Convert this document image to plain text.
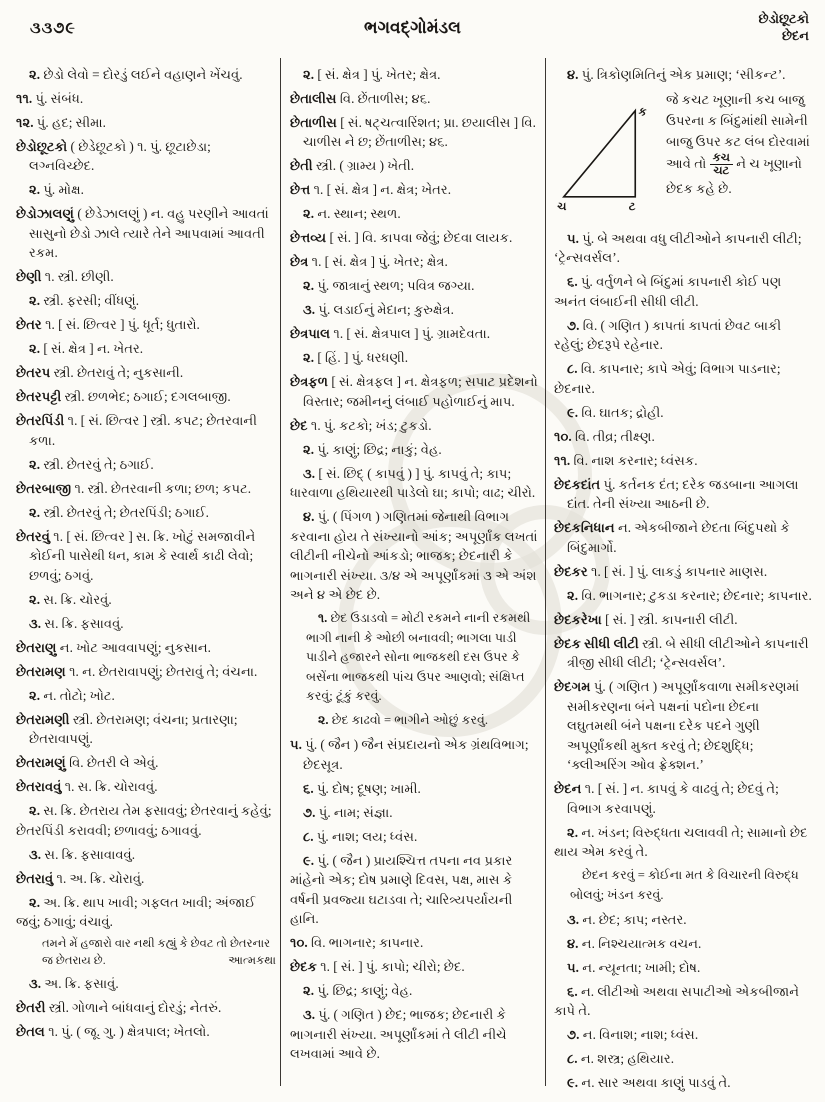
૩૩૭૯	ભગવદ્ગોમંડલ	છેડોછૂટકો
છેદન
૨. છેડો લેવો = દોરડું લઈને વહાણને ખેંચવું.
૧૧. પું. સંબંધ.
૧૨. પું. હદ; સીમા.
છેડોછૂટકો ( છેડેછૂટકો ) ૧. પું. છૂટાછેડા; લગ્નવિચ્છેદ.
૨. પું. મોક્ષ.
છેડોઝાલણું ( છેડેઝાલણું ) ન. વહુ પરણીને આવતાં સાસુનો છેડો ઝાલે ત્યારે તેને આપવામાં આવતી રકમ.
છેણી ૧. સ્ત્રી. છીણી.
૨. સ્ત્રી. ફરસી; વીંધણું.
છેતર ૧. [ સં. છિત્વર ] પું. ધૂર્ત; ધુતારો.
૨. [ સં. ક્ષેત્ર ] ન. ખેતર.
છેતરપ સ્ત્રી. છેતરાવું તે; નુકસાની.
છેતરપટ્ટી સ્ત્રી. છળભેદ; ઠગાઈ; દગલબાજી.
છેતરપિંડી ૧. [ સં. છિત્વર ] સ્ત્રી. કપટ; છેતરવાની કળા.
૨. સ્ત્રી. છેતરવું તે; ઠગાઈ.
છેતરબાજી ૧. સ્ત્રી. છેતરવાની કળા; છળ; કપટ.
૨. સ્ત્રી. છેતરવું તે; છેતરપિંડી; ઠગાઈ.
છેતરવું ૧. [ સં. છિત્વર ] સ. ક્રિ. ખોટું સમજાવીને કોઈની પાસેથી ધન, કામ કે સ્વાર્થ કાઢી લેવો; છળવું; ઠગવું.
૨. સ. ક્રિ. ચોરવું.
૩. સ. ક્રિ. ફસાવવું.
છેતરાણુ ન. ખોટ આવવાપણું; નુકસાન.
છેતરામણ ૧. ન. છેતરાવાપણું; છેતરાવું તે; વંચના.
૨. ન. તોટો; ખોટ.
છેતરામણી સ્ત્રી. છેતરામણ; વંચના; પ્રતારણા; છેતરાવાપણું.
છેતરામણું વિ. છેતરી લે એવું.
છેતરાવવું ૧. સ. ક્રિ. ચોરાવવું.
૨. સ. ક્રિ. છેતરાય તેમ ફસાવવું; છેતરવાનું કહેવું; છેતરપિંડી કરાવવી; છળાવવું; ઠગાવવું.
૩. સ. ક્રિ. ફસાવાવવું.
છેતરાવું ૧. અ. ક્રિ. ચોરાવું.
૨. અ. ક્રિ. થાપ ખાવી; ગફલત ખાવી; અંજાઈ જવું; ઠગાવું; વંચાવું.
તમને મેં હજારો વાર નથી કહ્યું કે છેવટ તો છેતરનાર જ છેતરાય છે.	આત્મકથા
૩. અ. ક્રિ. ફસાવું.
છેતરી સ્ત્રી. ગોળાને બાંધવાનું દોરડું; નેતરું.
છેતલ ૧. પું. ( જૂ. ગુ. ) ક્ષેત્રપાલ; ખેતલો.
૨. [ સં. ક્ષેત્ર ] પું. ખેતર; ક્ષેત્ર.
છેતાલીસ વિ. છેંતાળીસ; ૪૬.
છેતાળીસ [ સં. ષટ્ચત્વારિંશત; પ્રા. છયાલીસ ] વિ. ચાળીસ ને છ; છેંતાળીસ; ૪૬.
છેતી સ્ત્રી. ( ગ્રામ્ય ) ખેતી.
છેત્ત ૧. [ સં. ક્ષેત્ર ] ન. ક્ષેત્ર; ખેતર.
૨. ન. સ્થાન; સ્થળ.
છેત્તવ્ય [ સં. ] વિ. કાપવા જેવું; છેદવા લાયક.
છેત્ર ૧. [ સં. ક્ષેત્ર ] પું. ખેતર; ક્ષેત્ર.
૨. પું. જાત્રાનું સ્થળ; પવિત્ર જગ્યા.
૩. પું. લડાઈનું મેદાન; કુરુક્ષેત્ર.
છેત્રપાલ ૧. [ સં. ક્ષેત્રપાલ ] પું. ગ્રામદેવતા.
૨. [ હિં. ] પું. ધરધણી.
છેત્રફળ [ સં. ક્ષેત્રફલ ] ન. ક્ષેત્રફળ; સપાટ પ્રદેશનો વિસ્તાર; જમીનનું લંબાઈ પહોળાઈનું માપ.
છેદ ૧. પું. કટકો; ખંડ; ટુકડો.
૨. પું. કાણું; છિદ્ર; નાકું; વેહ.
૩. [ સં. છિદ્ ( કાપવું ) ] પું. કાપવું તે; કાપ; ધારવાળા હથિયારથી પાડેલો ઘા; કાપો; વાઢ; ચીરો.
૪. પું. ( પિંગળ ) ગણિતમાં જેનાથી વિભાગ કરવાના હોય તે સંખ્યાનો આંક; અપૂર્ણાંક લખતાં લીટીની નીચેનો આંકડો; ભાજક; છેદનારી કે ભાગનારી સંખ્યા. ૩/૪ એ અપૂર્ણાંકમાં ૩ એ અંશ અને ૪ એ છેદ છે.
૧. છેદ ઉડાડવો = મોટી રકમને નાની રકમથી ભાગી નાની કે ઓછી બનાવવી; ભાગલા પાડી પાડીને હજારને સોના ભાજકથી દસ ઉપર કે બસેંના ભાજકથી પાંચ ઉપર આણવો; સંક્ષિપ્ત કરવું; ટૂંકું કરવું.
૨. છેદ કાઢવો = ભાગીને ઓછું કરવું.
૫. પું. ( જૈન ) જૈન સંપ્રદાયનો એક ગ્રંથવિભાગ; છેદસૂત્ર.
૬. પું. દોષ; દૂષણ; ખામી.
૭. પું. નામ; સંજ્ઞા.
૮. પું. નાશ; લય; ધ્વંસ.
૯. પું. ( જૈન ) પ્રાયશ્ચિત્ત તપના નવ પ્રકાર માંહેનો એક; દોષ પ્રમાણે દિવસ, પક્ષ, માસ કે વર્ષની પ્રવજ્યા ઘટાડવા તે; ચારિત્ર્યપર્યાયની હાનિ.
૧૦. વિ. ભાગનાર; કાપનાર.
છેદક ૧. [ સં. ] પું. કાપો; ચીરો; છેદ.
૨. પું. છિદ્ર; કાણું; વેહ.
૩. પું. ( ગણિત ) છેદ; ભાજક; છેદનારી કે ભાગનારી સંખ્યા. અપૂર્ણાંકમાં તે લીટી નીચે લખવામાં આવે છે.
૪. પું. ત્રિકોણમિતિનું એક પ્રમાણ; ‘સીકન્ટ’.
ક
ચ	ટ
જે કચટ ખૂણાની કચ બાજુ ઉપરના ક બિંદુમાંથી સામેની બાજુ ઉપર કટ લંબ દોરવામાં આવે તો $\frac{\text{કચ}}{\text{ચટ}}$ ને ચ ખૂણાનો છેદક કહે છે.
૫. પું. બે અથવા વધુ લીટીઓને કાપનારી લીટી; ‘ટ્રેન્સવર્સલ’.
૬. પું. વર્તુળને બે બિંદુમાં કાપનારી કોઈ પણ અનંત લંબાઈની સીધી લીટી.
૭. વિ. ( ગણિત ) કાપતાં કાપતાં છેવટ બાકી રહેલું; છેદરૂપે રહેનાર.
૮. વિ. કાપનાર; કાપે એવું; વિભાગ પાડનાર; છેદનાર.
૯. વિ. ઘાતક; દ્રોહી.
૧૦. વિ. તીવ્ર; તીક્ષ્ણ.
૧૧. વિ. નાશ કરનાર; ધ્વંસક.
છેદકદાંત પું. કર્તનક દંત; દરેક જડબાના આગલા દાંત. તેની સંખ્યા આઠની છે.
છેદકનિધાન ન. એકબીજાને છેદતા બિંદુપથો કે બિંદુમાર્ગો.
છેદકર ૧. [ સં. ] પું. લાકડું કાપનાર માણસ.
૨. વિ. ભાગનાર; ટુકડા કરનાર; છેદનાર; કાપનાર.
છેદકરેખા [ સં. ] સ્ત્રી. કાપનારી લીટી.
છેદક સીધી લીટી સ્ત્રી. બે સીધી લીટીઓને કાપનારી ત્રીજી સીધી લીટી; ‘ટ્રેન્સવર્સલ’.
છેદગમ પું. ( ગણિત ) અપૂર્ણાંકવાળા સમીકરણમાં સમીકરણના બંને પક્ષનાં પદોના છેદના લઘુતમથી બંને પક્ષના દરેક પદને ગુણી અપૂર્ણાંકથી મુક્ત કરવું તે; છેદશુદ્ધિ; ‘ક્લીઅરિંગ ઓવ ફ્રેક્શન.’
છેદન ૧. [ સં. ] ન. કાપવું કે વાઢવું તે; છેદવું તે; વિભાગ કરવાપણું.
૨. ન. ખંડન; વિરુદ્ધતા ચલાવવી તે; સામાનો છેદ થાય એમ કરવું તે.
છેદન કરવું = કોઈના મત કે વિચારની વિરુદ્ધ બોલવું; ખંડન કરવું.
૩. ન. છેદ; કાપ; નસ્તર.
૪. ન. નિશ્ચયાત્મક વચન.
૫. ન. ન્યૂનતા; ખામી; દોષ.
૬. ન. લીટીઓ અથવા સપાટીઓ એકબીજાને કાપે તે.
૭. ન. વિનાશ; નાશ; ધ્વંસ.
૮. ન. શસ્ત્ર; હથિયાર.
૯. ન. સાર અથવા કાણું પાડવું તે.
